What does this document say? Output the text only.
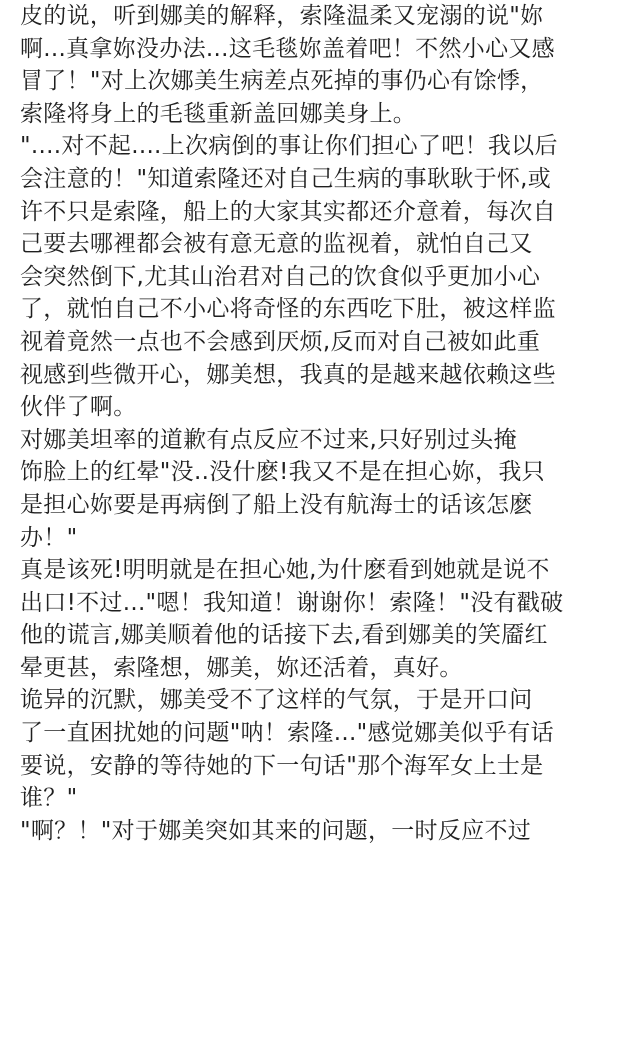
皮的说，听到娜美的解释，索隆温柔又宠溺的说"妳
啊...真拿妳没办法...这毛毯妳盖着吧！不然小心又感
冒了！"对上次娜美生病差点死掉的事仍心有馀悸，
索隆将身上的毛毯重新盖回娜美身上。
"....对不起....上次病倒的事让你们担心了吧！我以后
会注意的！"知道索隆还对自己生病的事耿耿于怀,或
许不只是索隆，船上的大家其实都还介意着，每次自
己要去哪裡都会被有意无意的监视着，就怕自己又
会突然倒下,尤其山治君对自己的饮食似乎更加小心
了，就怕自己不小心将奇怪的东西吃下肚，被这样监
视着竟然一点也不会感到厌烦,反而对自己被如此重
视感到些微开心，娜美想，我真的是越来越依赖这些
伙伴了啊。
对娜美坦率的道歉有点反应不过来,只好别过头掩
饰脸上的红晕"没..没什麽!我又不是在担心妳，我只
是担心妳要是再病倒了船上没有航海士的话该怎麽
办！"
真是该死!明明就是在担心她,为什麽看到她就是说不
出口!不过..."嗯！我知道！谢谢你！索隆！"没有戳破
他的谎言,娜美顺着他的话接下去,看到娜美的笑靥红
晕更甚，索隆想，娜美，妳还活着，真好。
诡异的沉默，娜美受不了这样的气氛，于是开口问
了一直困扰她的问题"呐！索隆..."感觉娜美似乎有话
要说，安静的等待她的下一句话"那个海军女上士是
谁？"
"啊？！"对于娜美突如其来的问题，一时反应不过
